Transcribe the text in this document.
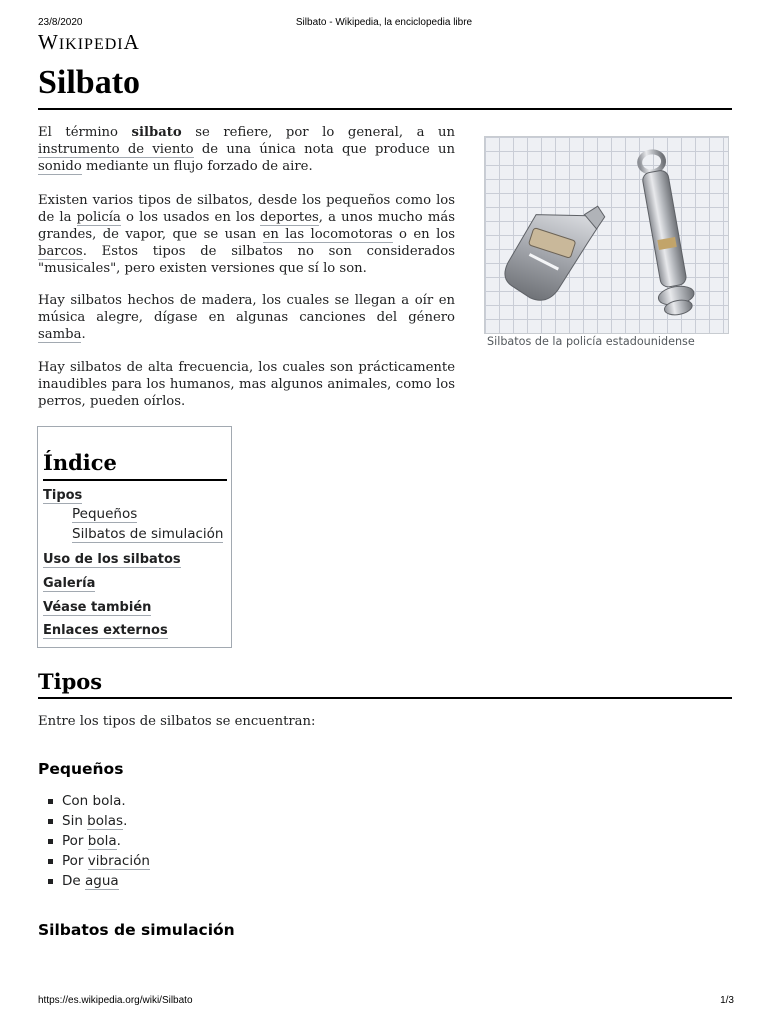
23/8/2020	Silbato - Wikipedia, la enciclopedia libre
WIKIPEDIA
Silbato

El término silbato se refiere, por lo general, a un instrumento de viento de una única nota que produce un sonido mediante un flujo forzado de aire.

Existen varios tipos de silbatos, desde los pequeños como los de la policía o los usados en los deportes, a unos mucho más grandes, de vapor, que se usan en las locomotoras o en los barcos. Estos tipos de silbatos no son considerados "musicales", pero existen versiones que sí lo son.

Hay silbatos hechos de madera, los cuales se llegan a oír en música alegre, dígase en algunas canciones del género samba.

Hay silbatos de alta frecuencia, los cuales son prácticamente inaudibles para los humanos, mas algunos animales, como los perros, pueden oírlos.

Silbatos de la policía estadounidense
Índice
Tipos
Pequeños
Silbatos de simulación
Uso de los silbatos
Galería
Véase también
Enlaces externos
Tipos

Entre los tipos de silbatos se encuentran:

Pequeños
Con bola.
Sin bolas.
Por bola.
Por vibración
De agua
Silbatos de simulación
https://es.wikipedia.org/wiki/Silbato	1/3
